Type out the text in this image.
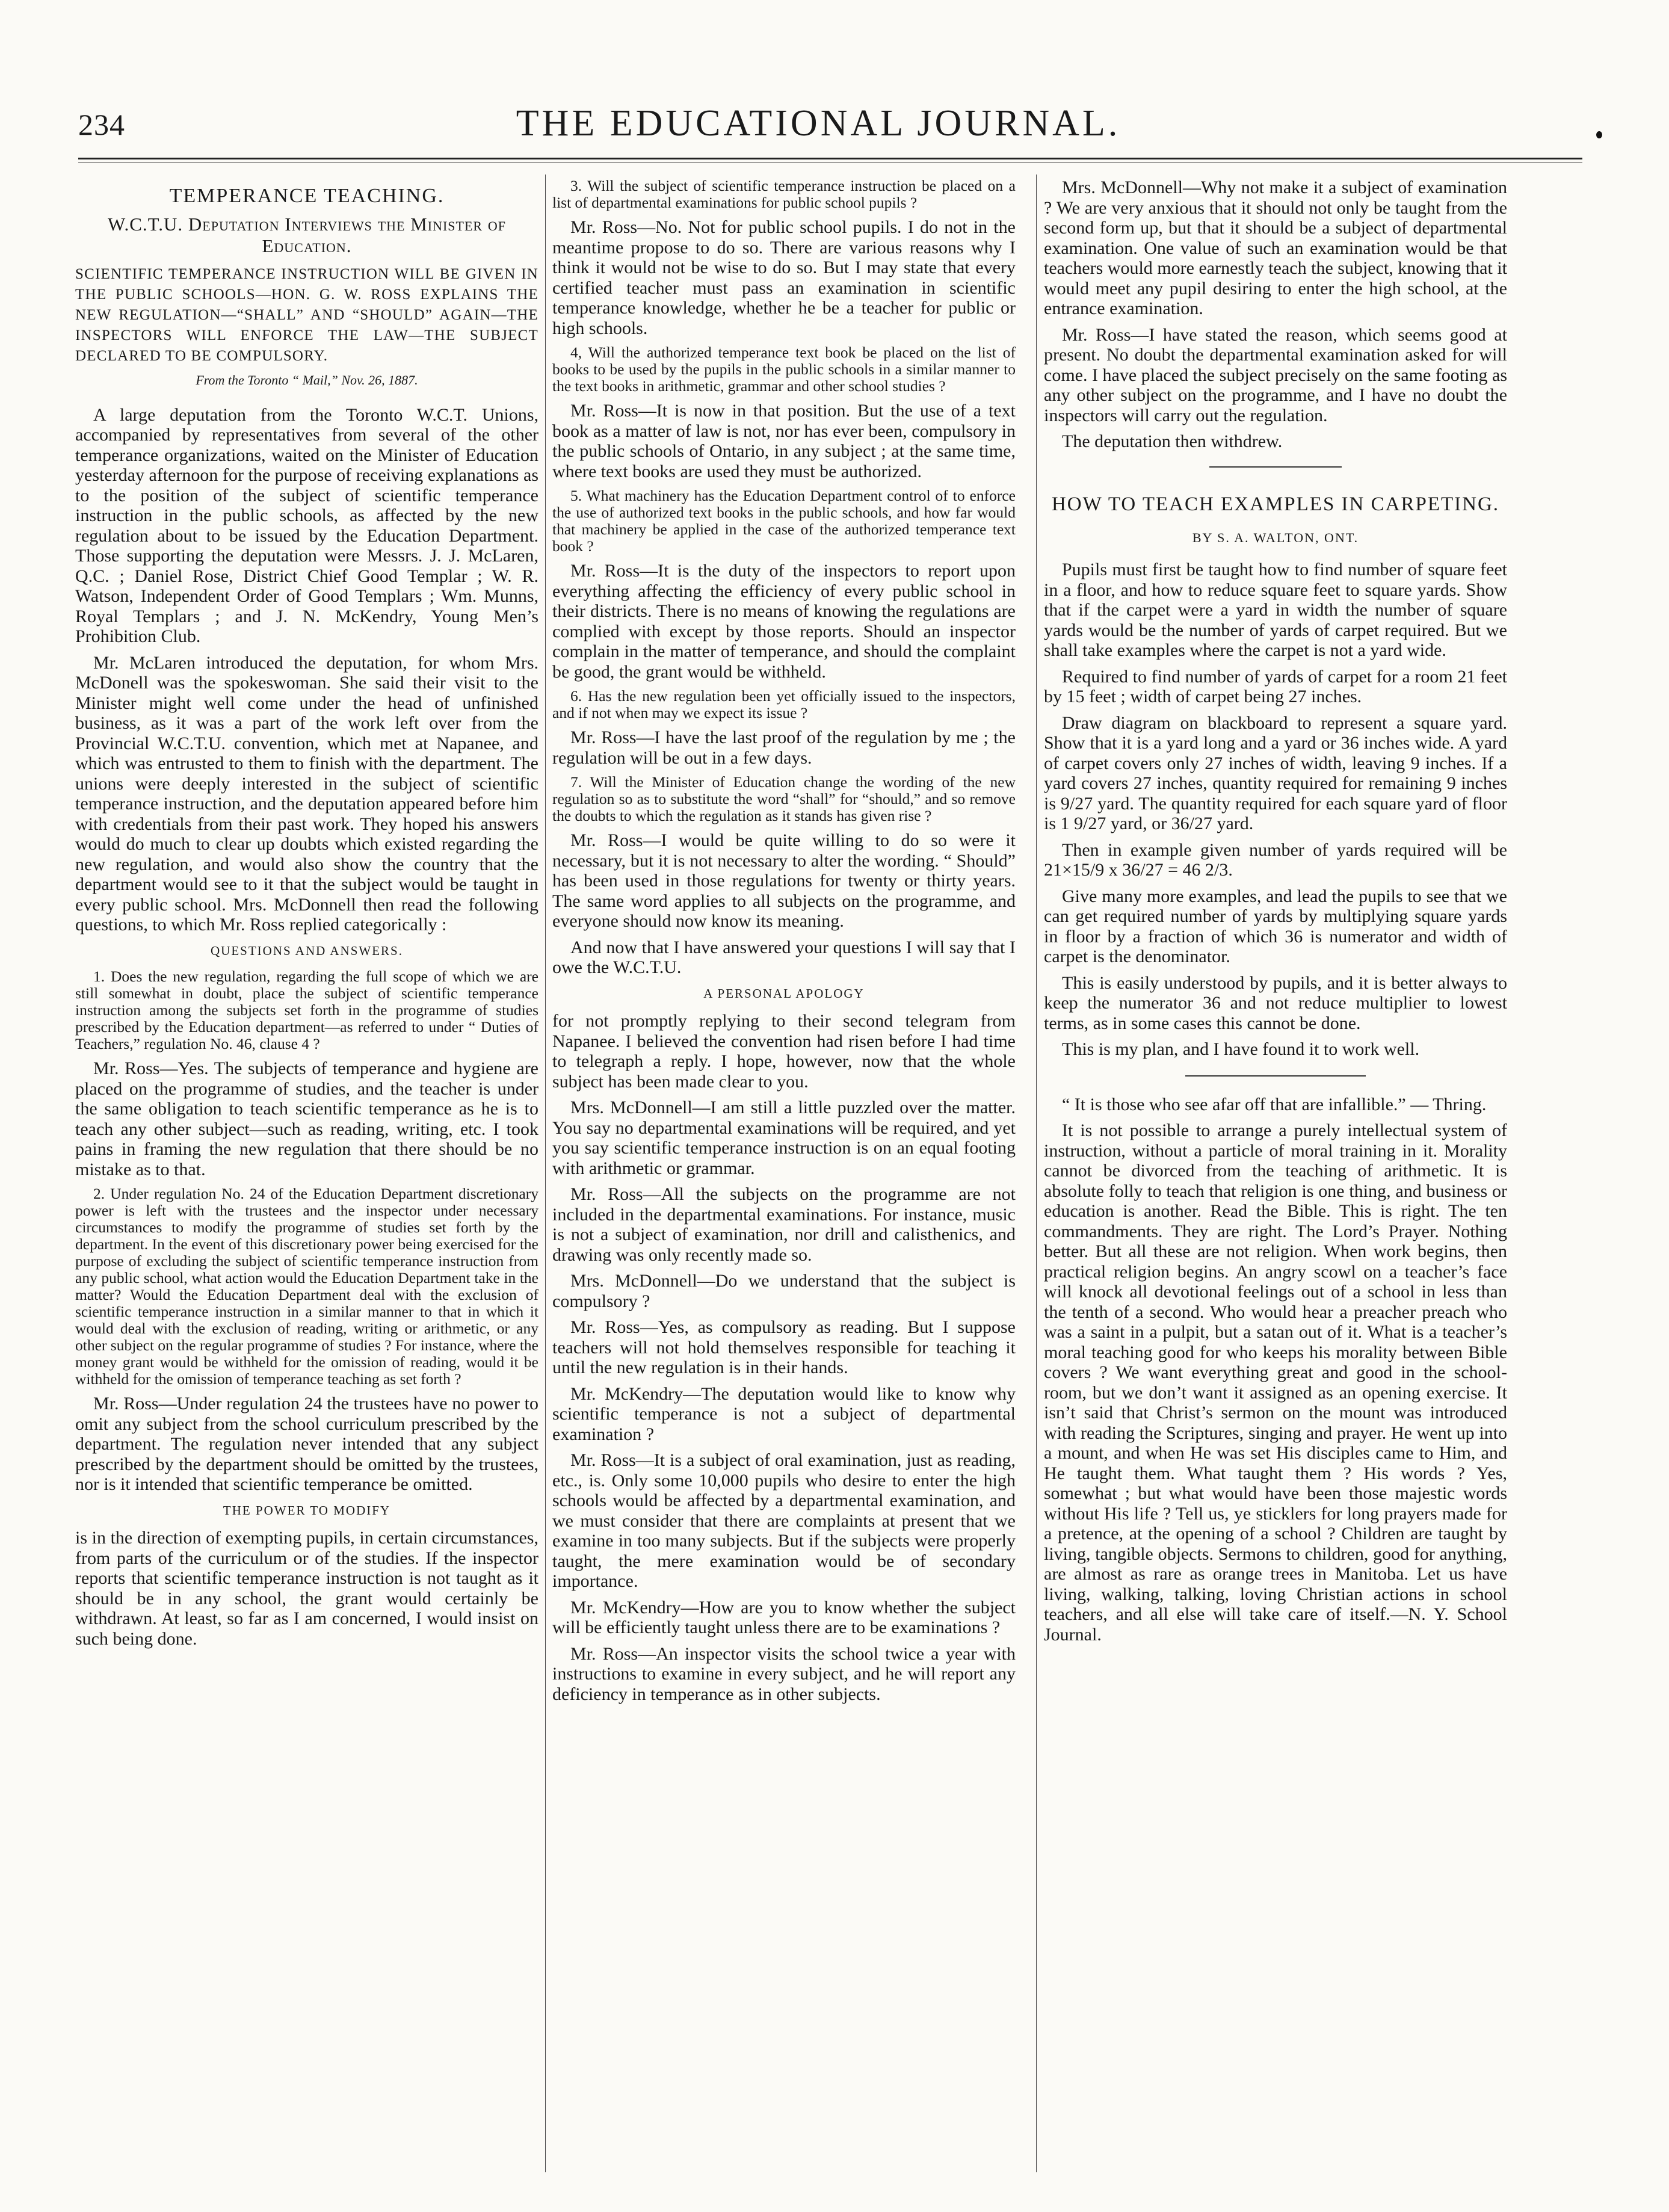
234	THE EDUCATIONAL JOURNAL.
TEMPERANCE TEACHING.
W.C.T.U. Deputation Interviews the Minister of Education.
SCIENTIFIC TEMPERANCE INSTRUCTION WILL BE GIVEN IN THE PUBLIC SCHOOLS—HON. G. W. ROSS EXPLAINS THE NEW REGULATION—“SHALL” AND “SHOULD” AGAIN—THE INSPECTORS WILL ENFORCE THE LAW—THE SUBJECT DECLARED TO BE COMPULSORY.
From the Toronto “ Mail,” Nov. 26, 1887.

A large deputation from the Toronto W.C.T. Unions, accompanied by representatives from several of the other temperance organizations, waited on the Minister of Education yesterday afternoon for the purpose of receiving explanations as to the position of the subject of scientific temperance instruction in the public schools, as affected by the new regulation about to be issued by the Education Department. Those supporting the deputation were Messrs. J. J. McLaren, Q.C. ; Daniel Rose, District Chief Good Templar ; W. R. Watson, Independent Order of Good Templars ; Wm. Munns, Royal Templars ; and J. N. McKendry, Young Men’s Prohibition Club.

Mr. McLaren introduced the deputation, for whom Mrs. McDonell was the spokeswoman. She said their visit to the Minister might well come under the head of unfinished business, as it was a part of the work left over from the Provincial W.C.T.U. convention, which met at Napanee, and which was entrusted to them to finish with the department. The unions were deeply interested in the subject of scientific temperance instruction, and the deputation appeared before him with credentials from their past work. They hoped his answers would do much to clear up doubts which existed regarding the new regulation, and would also show the country that the department would see to it that the subject would be taught in every public school. Mrs. McDonnell then read the following questions, to which Mr. Ross replied categorically :

QUESTIONS AND ANSWERS.

1. Does the new regulation, regarding the full scope of which we are still somewhat in doubt, place the subject of scientific temperance instruction among the subjects set forth in the programme of studies prescribed by the Education department—as referred to under “ Duties of Teachers,” regulation No. 46, clause 4 ?

Mr. Ross—Yes. The subjects of temperance and hygiene are placed on the programme of studies, and the teacher is under the same obligation to teach scientific temperance as he is to teach any other subject—such as reading, writing, etc. I took pains in framing the new regulation that there should be no mistake as to that.

2. Under regulation No. 24 of the Education Department discretionary power is left with the trustees and the inspector under necessary circumstances to modify the programme of studies set forth by the department. In the event of this discretionary power being exercised for the purpose of excluding the subject of scientific temperance instruction from any public school, what action would the Education Department take in the matter? Would the Education Department deal with the exclusion of scientific temperance instruction in a similar manner to that in which it would deal with the exclusion of reading, writing or arithmetic, or any other subject on the regular programme of studies ? For instance, where the money grant would be withheld for the omission of reading, would it be withheld for the omission of temperance teaching as set forth ?

Mr. Ross—Under regulation 24 the trustees have no power to omit any subject from the school curriculum prescribed by the department. The regulation never intended that any subject prescribed by the department should be omitted by the trustees, nor is it intended that scientific temperance be omitted.

THE POWER TO MODIFY

is in the direction of exempting pupils, in certain circumstances, from parts of the curriculum or of the studies. If the inspector reports that scientific temperance instruction is not taught as it should be in any school, the grant would certainly be withdrawn. At least, so far as I am concerned, I would insist on such being done.

3. Will the subject of scientific temperance instruction be placed on a list of departmental examinations for public school pupils ?

Mr. Ross—No. Not for public school pupils. I do not in the meantime propose to do so. There are various reasons why I think it would not be wise to do so. But I may state that every certified teacher must pass an examination in scientific temperance knowledge, whether he be a teacher for public or high schools.

4, Will the authorized temperance text book be placed on the list of books to be used by the pupils in the public schools in a similar manner to the text books in arithmetic, grammar and other school studies ?

Mr. Ross—It is now in that position. But the use of a text book as a matter of law is not, nor has ever been, compulsory in the public schools of Ontario, in any subject ; at the same time, where text books are used they must be authorized.

5. What machinery has the Education Department control of to enforce the use of authorized text books in the public schools, and how far would that machinery be applied in the case of the authorized temperance text book ?

Mr. Ross—It is the duty of the inspectors to report upon everything affecting the efficiency of every public school in their districts. There is no means of knowing the regulations are complied with except by those reports. Should an inspector complain in the matter of temperance, and should the complaint be good, the grant would be withheld.

6. Has the new regulation been yet officially issued to the inspectors, and if not when may we expect its issue ?

Mr. Ross—I have the last proof of the regulation by me ; the regulation will be out in a few days.

7. Will the Minister of Education change the wording of the new regulation so as to substitute the word “shall” for “should,” and so remove the doubts to which the regulation as it stands has given rise ?

Mr. Ross—I would be quite willing to do so were it necessary, but it is not necessary to alter the wording. “ Should” has been used in those regulations for twenty or thirty years. The same word applies to all subjects on the programme, and everyone should now know its meaning.

And now that I have answered your questions I will say that I owe the W.C.T.U.

A PERSONAL APOLOGY

for not promptly replying to their second telegram from Napanee. I believed the convention had risen before I had time to telegraph a reply. I hope, however, now that the whole subject has been made clear to you.

Mrs. McDonnell—I am still a little puzzled over the matter. You say no departmental examinations will be required, and yet you say scientific temperance instruction is on an equal footing with arithmetic or grammar.

Mr. Ross—All the subjects on the programme are not included in the departmental examinations. For instance, music is not a subject of examination, nor drill and calisthenics, and drawing was only recently made so.

Mrs. McDonnell—Do we understand that the subject is compulsory ?

Mr. Ross—Yes, as compulsory as reading. But I suppose teachers will not hold themselves responsible for teaching it until the new regulation is in their hands.

Mr. McKendry—The deputation would like to know why scientific temperance is not a subject of departmental examination ?

Mr. Ross—It is a subject of oral examination, just as reading, etc., is. Only some 10,000 pupils who desire to enter the high schools would be affected by a departmental examination, and we must consider that there are complaints at present that we examine in too many subjects. But if the subjects were properly taught, the mere examination would be of secondary importance.

Mr. McKendry—How are you to know whether the subject will be efficiently taught unless there are to be examinations ?

Mr. Ross—An inspector visits the school twice a year with instructions to examine in every subject, and he will report any deficiency in temperance as in other subjects.

Mrs. McDonnell—Why not make it a subject of examination ? We are very anxious that it should not only be taught from the second form up, but that it should be a subject of departmental examination. One value of such an examination would be that teachers would more earnestly teach the subject, knowing that it would meet any pupil desiring to enter the high school, at the entrance examination.

Mr. Ross—I have stated the reason, which seems good at present. No doubt the departmental examination asked for will come. I have placed the subject precisely on the same footing as any other subject on the programme, and I have no doubt the inspectors will carry out the regulation.

The deputation then withdrew.

HOW TO TEACH EXAMPLES IN CARPETING.
BY S. A. WALTON, ONT.

Pupils must first be taught how to find number of square feet in a floor, and how to reduce square feet to square yards. Show that if the carpet were a yard in width the number of square yards would be the number of yards of carpet required. But we shall take examples where the carpet is not a yard wide.

Required to find number of yards of carpet for a room 21 feet by 15 feet ; width of carpet being 27 inches.

Draw diagram on blackboard to represent a square yard. Show that it is a yard long and a yard or 36 inches wide. A yard of carpet covers only 27 inches of width, leaving 9 inches. If a yard covers 27 inches, quantity required for remaining 9 inches is 9/27 yard. The quantity required for each square yard of floor is 1 9/27 yard, or 36/27 yard.

Then in example given number of yards required will be 21×15/9 x 36/27 = 46 2/3.

Give many more examples, and lead the pupils to see that we can get required number of yards by multiplying square yards in floor by a fraction of which 36 is numerator and width of carpet is the denominator.

This is easily understood by pupils, and it is better always to keep the numerator 36 and not reduce multiplier to lowest terms, as in some cases this cannot be done.

This is my plan, and I have found it to work well.

“ It is those who see afar off that are infallible.” — Thring.

It is not possible to arrange a purely intellectual system of instruction, without a particle of moral training in it. Morality cannot be divorced from the teaching of arithmetic. It is absolute folly to teach that religion is one thing, and business or education is another. Read the Bible. This is right. The ten commandments. They are right. The Lord’s Prayer. Nothing better. But all these are not religion. When work begins, then practical religion begins. An angry scowl on a teacher’s face will knock all devotional feelings out of a school in less than the tenth of a second. Who would hear a preacher preach who was a saint in a pulpit, but a satan out of it. What is a teacher’s moral teaching good for who keeps his morality between Bible covers ? We want everything great and good in the school-room, but we don’t want it assigned as an opening exercise. It isn’t said that Christ’s sermon on the mount was introduced with reading the Scriptures, singing and prayer. He went up into a mount, and when He was set His disciples came to Him, and He taught them. What taught them ? His words ? Yes, somewhat ; but what would have been those majestic words without His life ? Tell us, ye sticklers for long prayers made for a pretence, at the opening of a school ? Children are taught by living, tangible objects. Sermons to children, good for anything, are almost as rare as orange trees in Manitoba. Let us have living, walking, talking, loving Christian actions in school teachers, and all else will take care of itself.—N. Y. School Journal.
